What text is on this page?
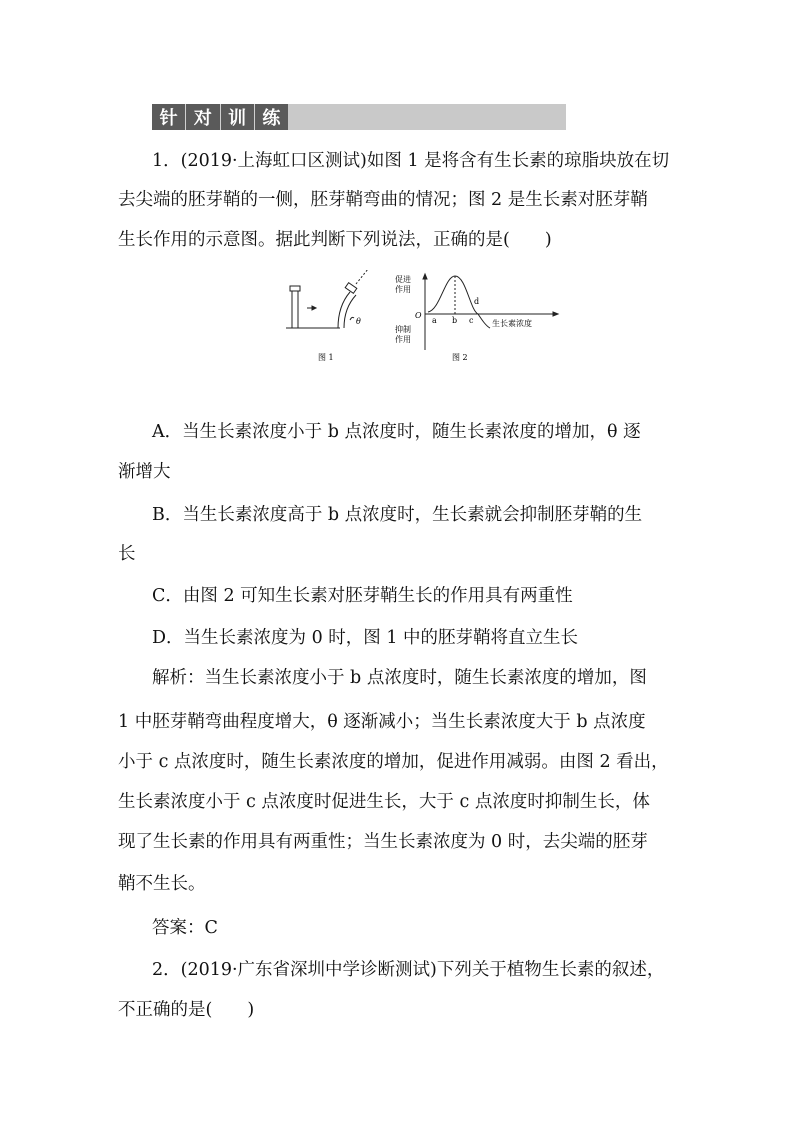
针 对 训 练
1．(2019·上海虹口区测试)如图 1 是将含有生长素的琼脂块放在切
去尖端的胚芽鞘的一侧，胚芽鞘弯曲的情况；图 2 是生长素对胚芽鞘
生长作用的示意图。据此判断下列说法，正确的是(　　)
θ
图 1
促进
作用
O
抑制
作用
a b c
d
生长素浓度
图 2
A．当生长素浓度小于 b 点浓度时，随生长素浓度的增加，θ 逐
渐增大
B．当生长素浓度高于 b 点浓度时，生长素就会抑制胚芽鞘的生
长
C．由图 2 可知生长素对胚芽鞘生长的作用具有两重性
D．当生长素浓度为 0 时，图 1 中的胚芽鞘将直立生长
解析：当生长素浓度小于 b 点浓度时，随生长素浓度的增加，图
1 中胚芽鞘弯曲程度增大，θ 逐渐减小；当生长素浓度大于 b 点浓度
小于 c 点浓度时，随生长素浓度的增加，促进作用减弱。由图 2 看出，
生长素浓度小于 c 点浓度时促进生长，大于 c 点浓度时抑制生长，体
现了生长素的作用具有两重性；当生长素浓度为 0 时，去尖端的胚芽
鞘不生长。
答案：C
2．(2019·广东省深圳中学诊断测试)下列关于植物生长素的叙述，
不正确的是(　　)
